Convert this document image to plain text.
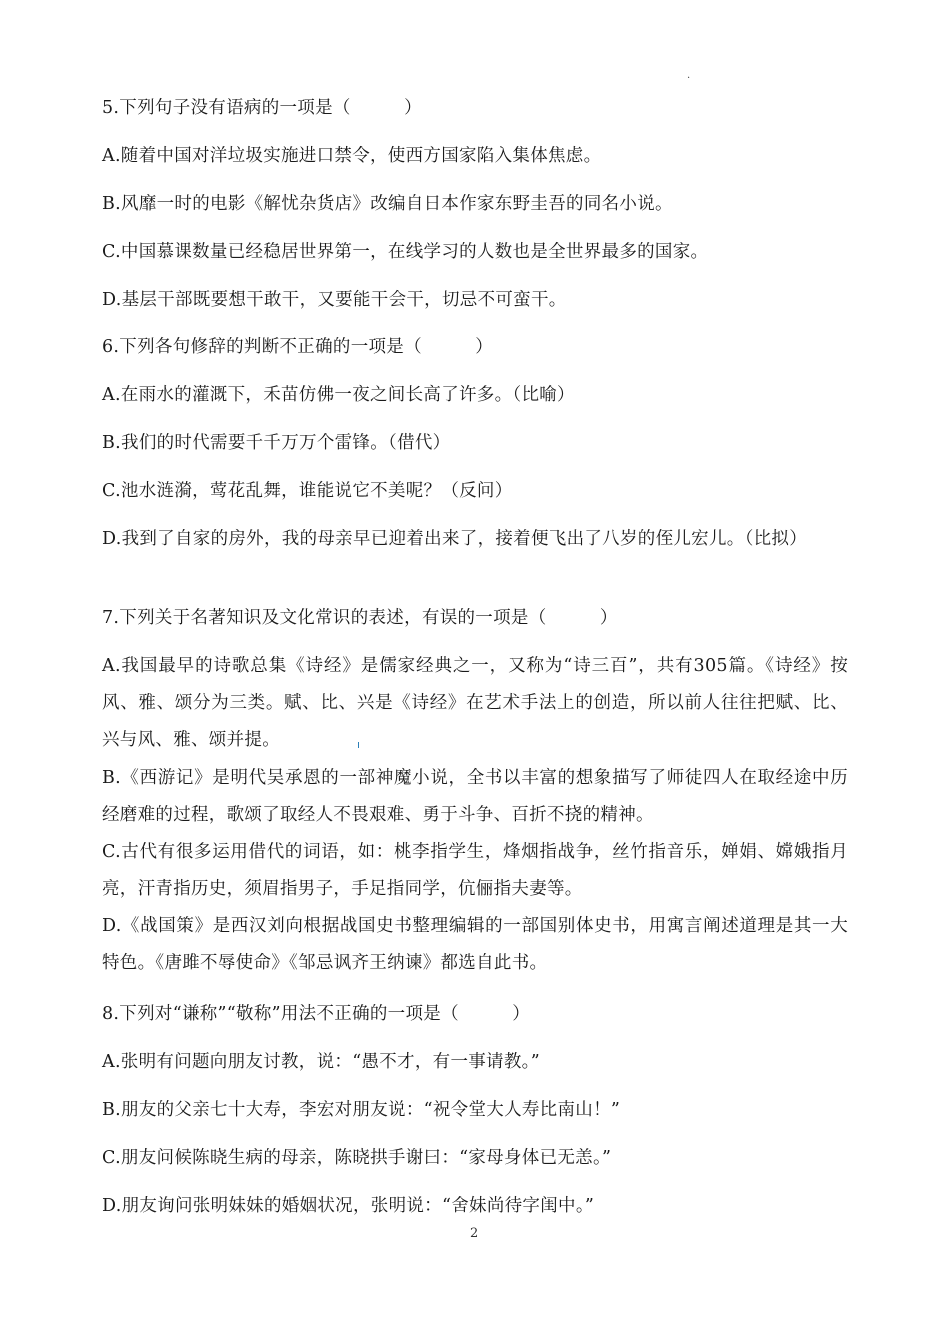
.
5.下列句子没有语病的一项是（　　　）
A.随着中国对洋垃圾实施进口禁令，使西方国家陷入集体焦虑。
B.风靡一时的电影《解忧杂货店》改编自日本作家东野圭吾的同名小说。
C.中国慕课数量已经稳居世界第一，在线学习的人数也是全世界最多的国家。
D.基层干部既要想干敢干，又要能干会干，切忌不可蛮干。
6.下列各句修辞的判断不正确的一项是（　　　）
A.在雨水的灌溉下，禾苗仿佛一夜之间长高了许多。（比喻）
B.我们的时代需要千千万万个雷锋。（借代）
C.池水涟漪，莺花乱舞，谁能说它不美呢？（反问）
D.我到了自家的房外，我的母亲早已迎着出来了，接着便飞出了八岁的侄儿宏儿。（比拟）
7.下列关于名著知识及文化常识的表述，有误的一项是（　　　）
A.我国最早的诗歌总集《诗经》是儒家经典之一，又称为“诗三百”，共有305篇。《诗经》按风、雅、颂分为三类。赋、比、兴是《诗经》在艺术手法上的创造，所以前人往往把赋、比、兴与风、雅、颂并提。
B.《西游记》是明代吴承恩的一部神魔小说，全书以丰富的想象描写了师徒四人在取经途中历经磨难的过程，歌颂了取经人不畏艰难、勇于斗争、百折不挠的精神。
C.古代有很多运用借代的词语，如：桃李指学生，烽烟指战争，丝竹指音乐，婵娟、嫦娥指月亮，汗青指历史，须眉指男子，手足指同学，伉俪指夫妻等。
D.《战国策》是西汉刘向根据战国史书整理编辑的一部国别体史书，用寓言阐述道理是其一大特色。《唐雎不辱使命》《邹忌讽齐王纳谏》都选自此书。
8.下列对“谦称”“敬称”用法不正确的一项是（　　　）
A.张明有问题向朋友讨教，说：“愚不才，有一事请教。”
B.朋友的父亲七十大寿，李宏对朋友说：“祝令堂大人寿比南山！”
C.朋友问候陈晓生病的母亲，陈晓拱手谢曰：“家母身体已无恙。”
D.朋友询问张明妹妹的婚姻状况，张明说：“舍妹尚待字闺中。”
2
